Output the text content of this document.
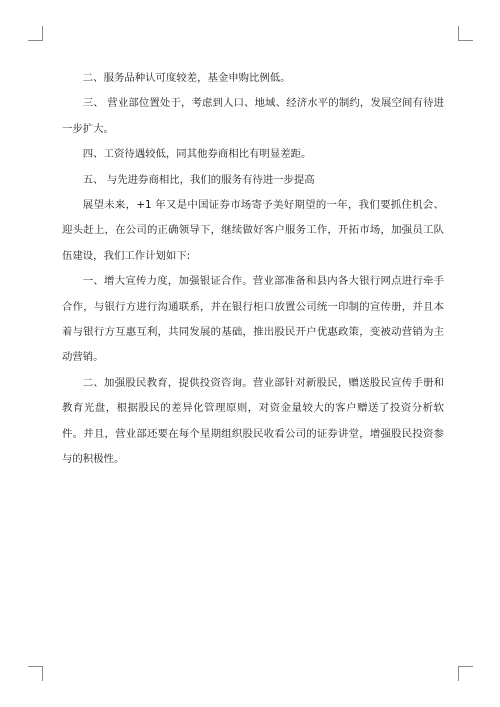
二、服务品种认可度较差，基金申购比例低。

三、 营业部位置处于，考虑到人口、地域、经济水平的制约，发展空间有待进一步扩大。

四、工资待遇较低，同其他券商相比有明显差距。

五、 与先进券商相比，我们的服务有待进一步提高

展望未来，+1 年又是中国证券市场寄予美好期望的一年，我们要抓住机会、迎头赶上，在公司的正确领导下，继续做好客户服务工作，开拓市场，加强员工队伍建设，我们工作计划如下:

一、增大宣传力度，加强银证合作。营业部准备和县内各大银行网点进行牵手合作，与银行方进行沟通联系，并在银行柜口放置公司统一印制的宣传册，并且本着与银行方互惠互利，共同发展的基础，推出股民开户优惠政策，变被动营销为主动营销。

二、加强股民教育，提供投资咨询。营业部针对新股民，赠送股民宣传手册和教育光盘，根据股民的差异化管理原则，对资金量较大的客户赠送了投资分析软件。并且，营业部还要在每个星期组织股民收看公司的证券讲堂，增强股民投资参与的积极性。
